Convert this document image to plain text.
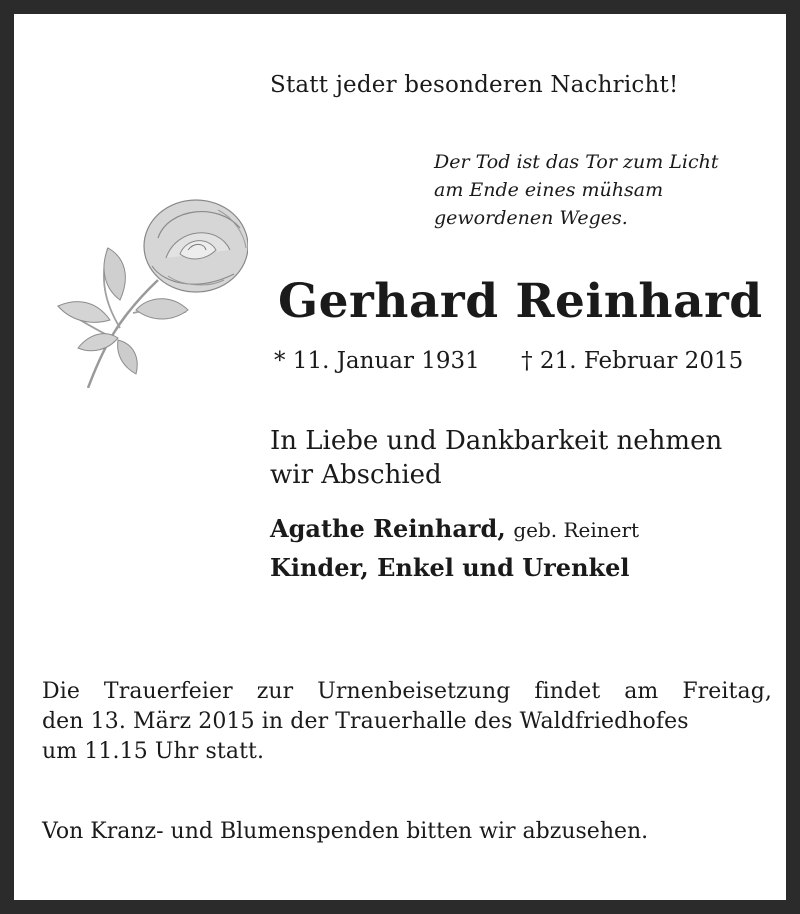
Statt jeder besonderen Nachricht!
Der Tod ist das Tor zum Licht
am Ende eines mühsam
gewordenen Weges.
Gerhard Reinhard
* 11. Januar 1931 † 21. Februar 2015
In Liebe und Dankbarkeit nehmen
wir Abschied
Agathe Reinhard, geb. Reinert
Kinder, Enkel und Urenkel
Die Trauerfeier zur Urnenbeisetzung findet am Freitag,
den 13. März 2015 in der Trauerhalle des Waldfriedhofes
um 11.15 Uhr statt.
Von Kranz- und Blumenspenden bitten wir abzusehen.
